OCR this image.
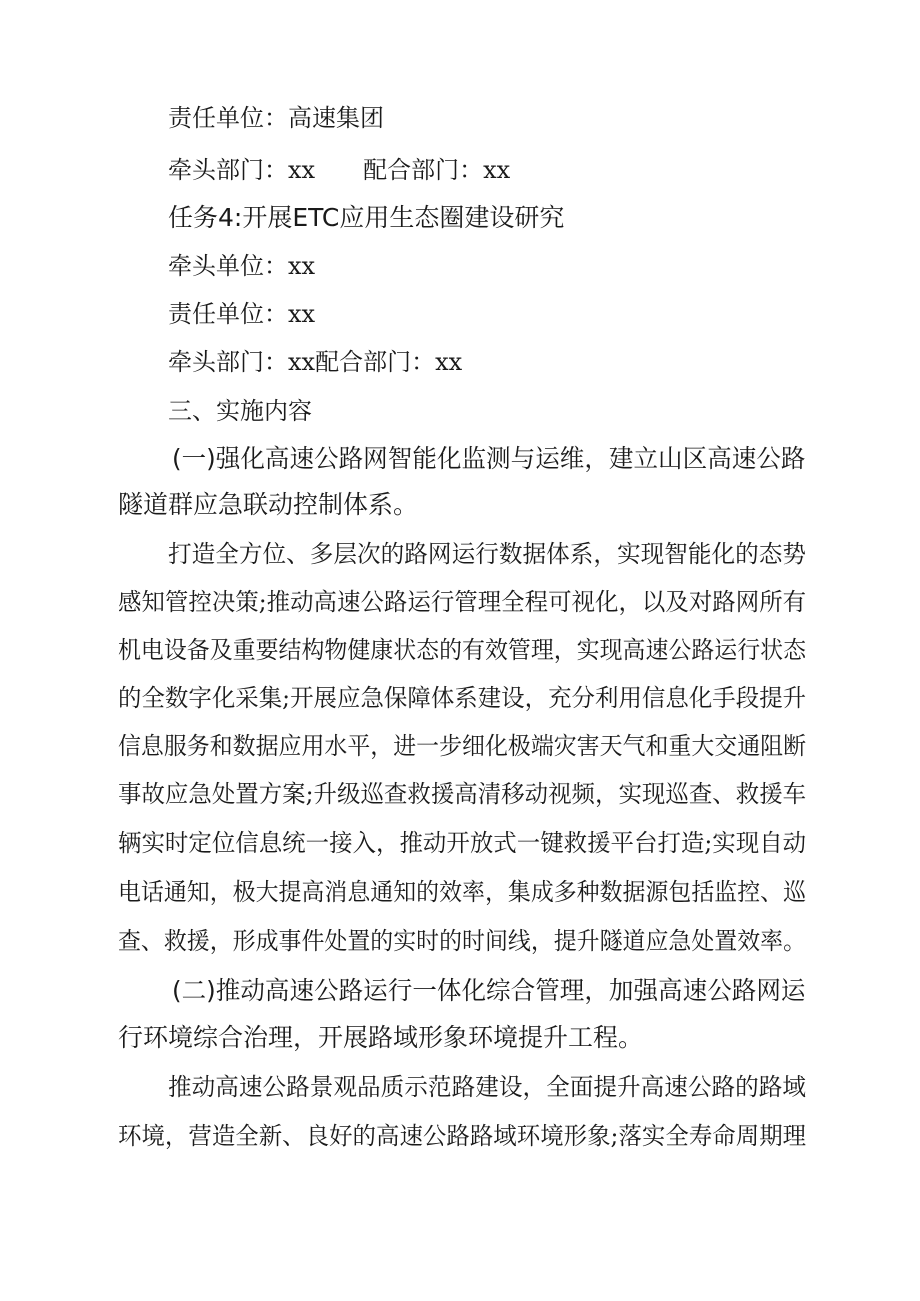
责任单位：高速集团
牵头部门：xx 配合部门：xx
任务4:开展ETC应用生态圈建设研究
牵头单位：xx
责任单位：xx
牵头部门：xx配合部门：xx
三、实施内容
(一)强化高速公路网智能化监测与运维，建立山区高速公路
隧道群应急联动控制体系。
打造全方位、多层次的路网运行数据体系，实现智能化的态势
感知管控决策;推动高速公路运行管理全程可视化，以及对路网所有
机电设备及重要结构物健康状态的有效管理，实现高速公路运行状态
的全数字化采集;开展应急保障体系建设，充分利用信息化手段提升
信息服务和数据应用水平，进一步细化极端灾害天气和重大交通阻断
事故应急处置方案;升级巡查救援高清移动视频，实现巡查、救援车
辆实时定位信息统一接入，推动开放式一键救援平台打造;实现自动
电话通知，极大提高消息通知的效率，集成多种数据源包括监控、巡
查、救援，形成事件处置的实时的时间线，提升隧道应急处置效率。
(二)推动高速公路运行一体化综合管理，加强高速公路网运
行环境综合治理，开展路域形象环境提升工程。
推动高速公路景观品质示范路建设，全面提升高速公路的路域
环境，营造全新、良好的高速公路路域环境形象;落实全寿命周期理
